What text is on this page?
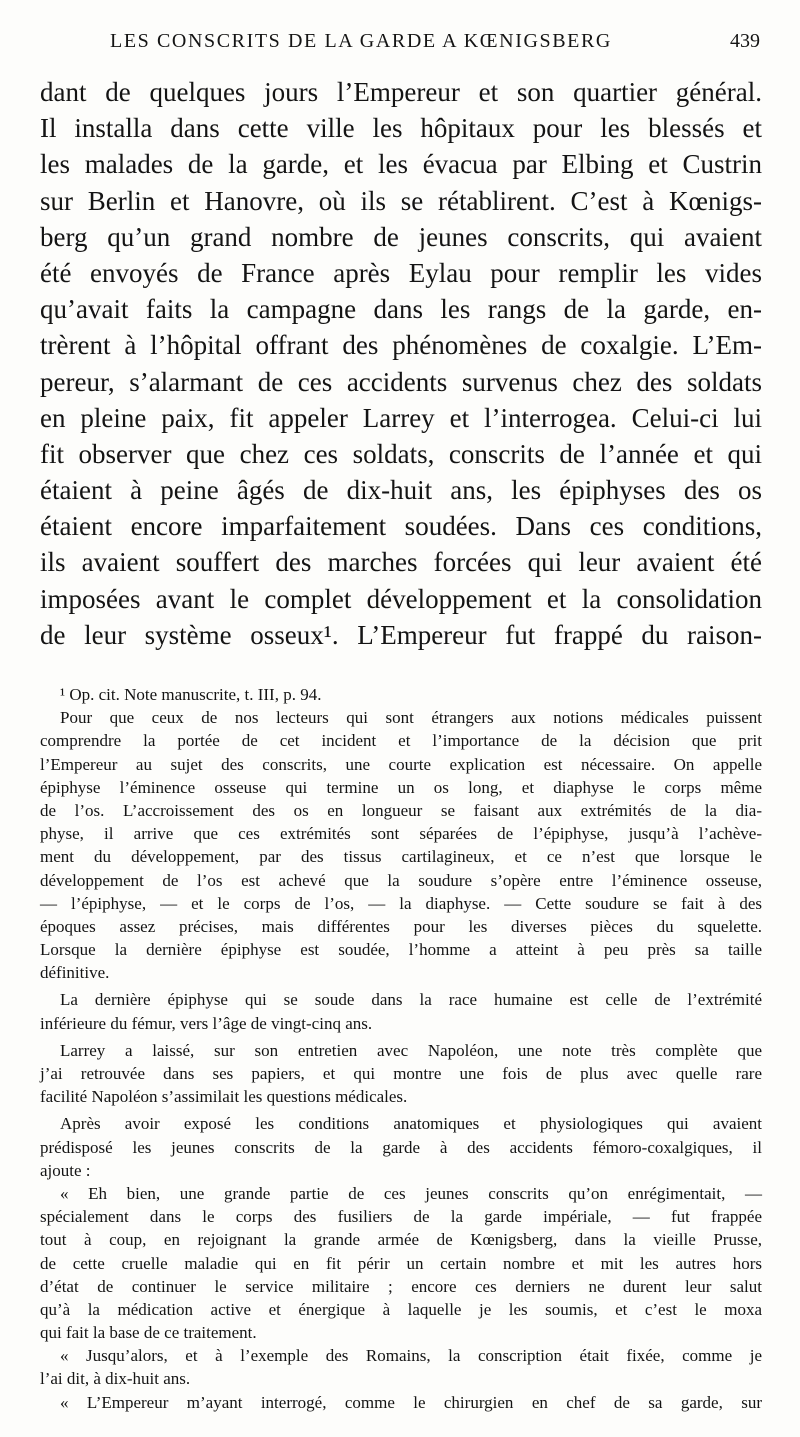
LES CONSCRITS DE LA GARDE A KŒNIGSBERG	439
dant de quelques jours l’Empereur et son quartier général.
Il installa dans cette ville les hôpitaux pour les blessés et
les malades de la garde, et les évacua par Elbing et Custrin
sur Berlin et Hanovre, où ils se rétablirent. C’est à Kœnigs-
berg qu’un grand nombre de jeunes conscrits, qui avaient
été envoyés de France après Eylau pour remplir les vides
qu’avait faits la campagne dans les rangs de la garde, en-
trèrent à l’hôpital offrant des phénomènes de coxalgie. L’Em-
pereur, s’alarmant de ces accidents survenus chez des soldats
en pleine paix, fit appeler Larrey et l’interrogea. Celui-ci lui
fit observer que chez ces soldats, conscrits de l’année et qui
étaient à peine âgés de dix-huit ans, les épiphyses des os
étaient encore imparfaitement soudées. Dans ces conditions,
ils avaient souffert des marches forcées qui leur avaient été
imposées avant le complet développement et la consolidation
de leur système osseux¹. L’Empereur fut frappé du raison-
¹ Op. cit. Note manuscrite, t. III, p. 94.
Pour que ceux de nos lecteurs qui sont étrangers aux notions médicales puissent
comprendre la portée de cet incident et l’importance de la décision que prit
l’Empereur au sujet des conscrits, une courte explication est nécessaire. On appelle
épiphyse l’éminence osseuse qui termine un os long, et diaphyse le corps même
de l’os. L’accroissement des os en longueur se faisant aux extrémités de la dia-
physe, il arrive que ces extrémités sont séparées de l’épiphyse, jusqu’à l’achève-
ment du développement, par des tissus cartilagineux, et ce n’est que lorsque le
développement de l’os est achevé que la soudure s’opère entre l’éminence osseuse,
— l’épiphyse, — et le corps de l’os, — la diaphyse. — Cette soudure se fait à des
époques assez précises, mais différentes pour les diverses pièces du squelette.
Lorsque la dernière épiphyse est soudée, l’homme a atteint à peu près sa taille
définitive.
La dernière épiphyse qui se soude dans la race humaine est celle de l’extrémité
inférieure du fémur, vers l’âge de vingt-cinq ans.
Larrey a laissé, sur son entretien avec Napoléon, une note très complète que
j’ai retrouvée dans ses papiers, et qui montre une fois de plus avec quelle rare
facilité Napoléon s’assimilait les questions médicales.
Après avoir exposé les conditions anatomiques et physiologiques qui avaient
prédisposé les jeunes conscrits de la garde à des accidents fémoro-coxalgiques, il
ajoute :
« Eh bien, une grande partie de ces jeunes conscrits qu’on enrégimentait, —
spécialement dans le corps des fusiliers de la garde impériale, — fut frappée
tout à coup, en rejoignant la grande armée de Kœnigsberg, dans la vieille Prusse,
de cette cruelle maladie qui en fit périr un certain nombre et mit les autres hors
d’état de continuer le service militaire ; encore ces derniers ne durent leur salut
qu’à la médication active et énergique à laquelle je les soumis, et c’est le moxa
qui fait la base de ce traitement.
« Jusqu’alors, et à l’exemple des Romains, la conscription était fixée, comme je
l’ai dit, à dix-huit ans.
« L’Empereur m’ayant interrogé, comme le chirurgien en chef de sa garde, sur
